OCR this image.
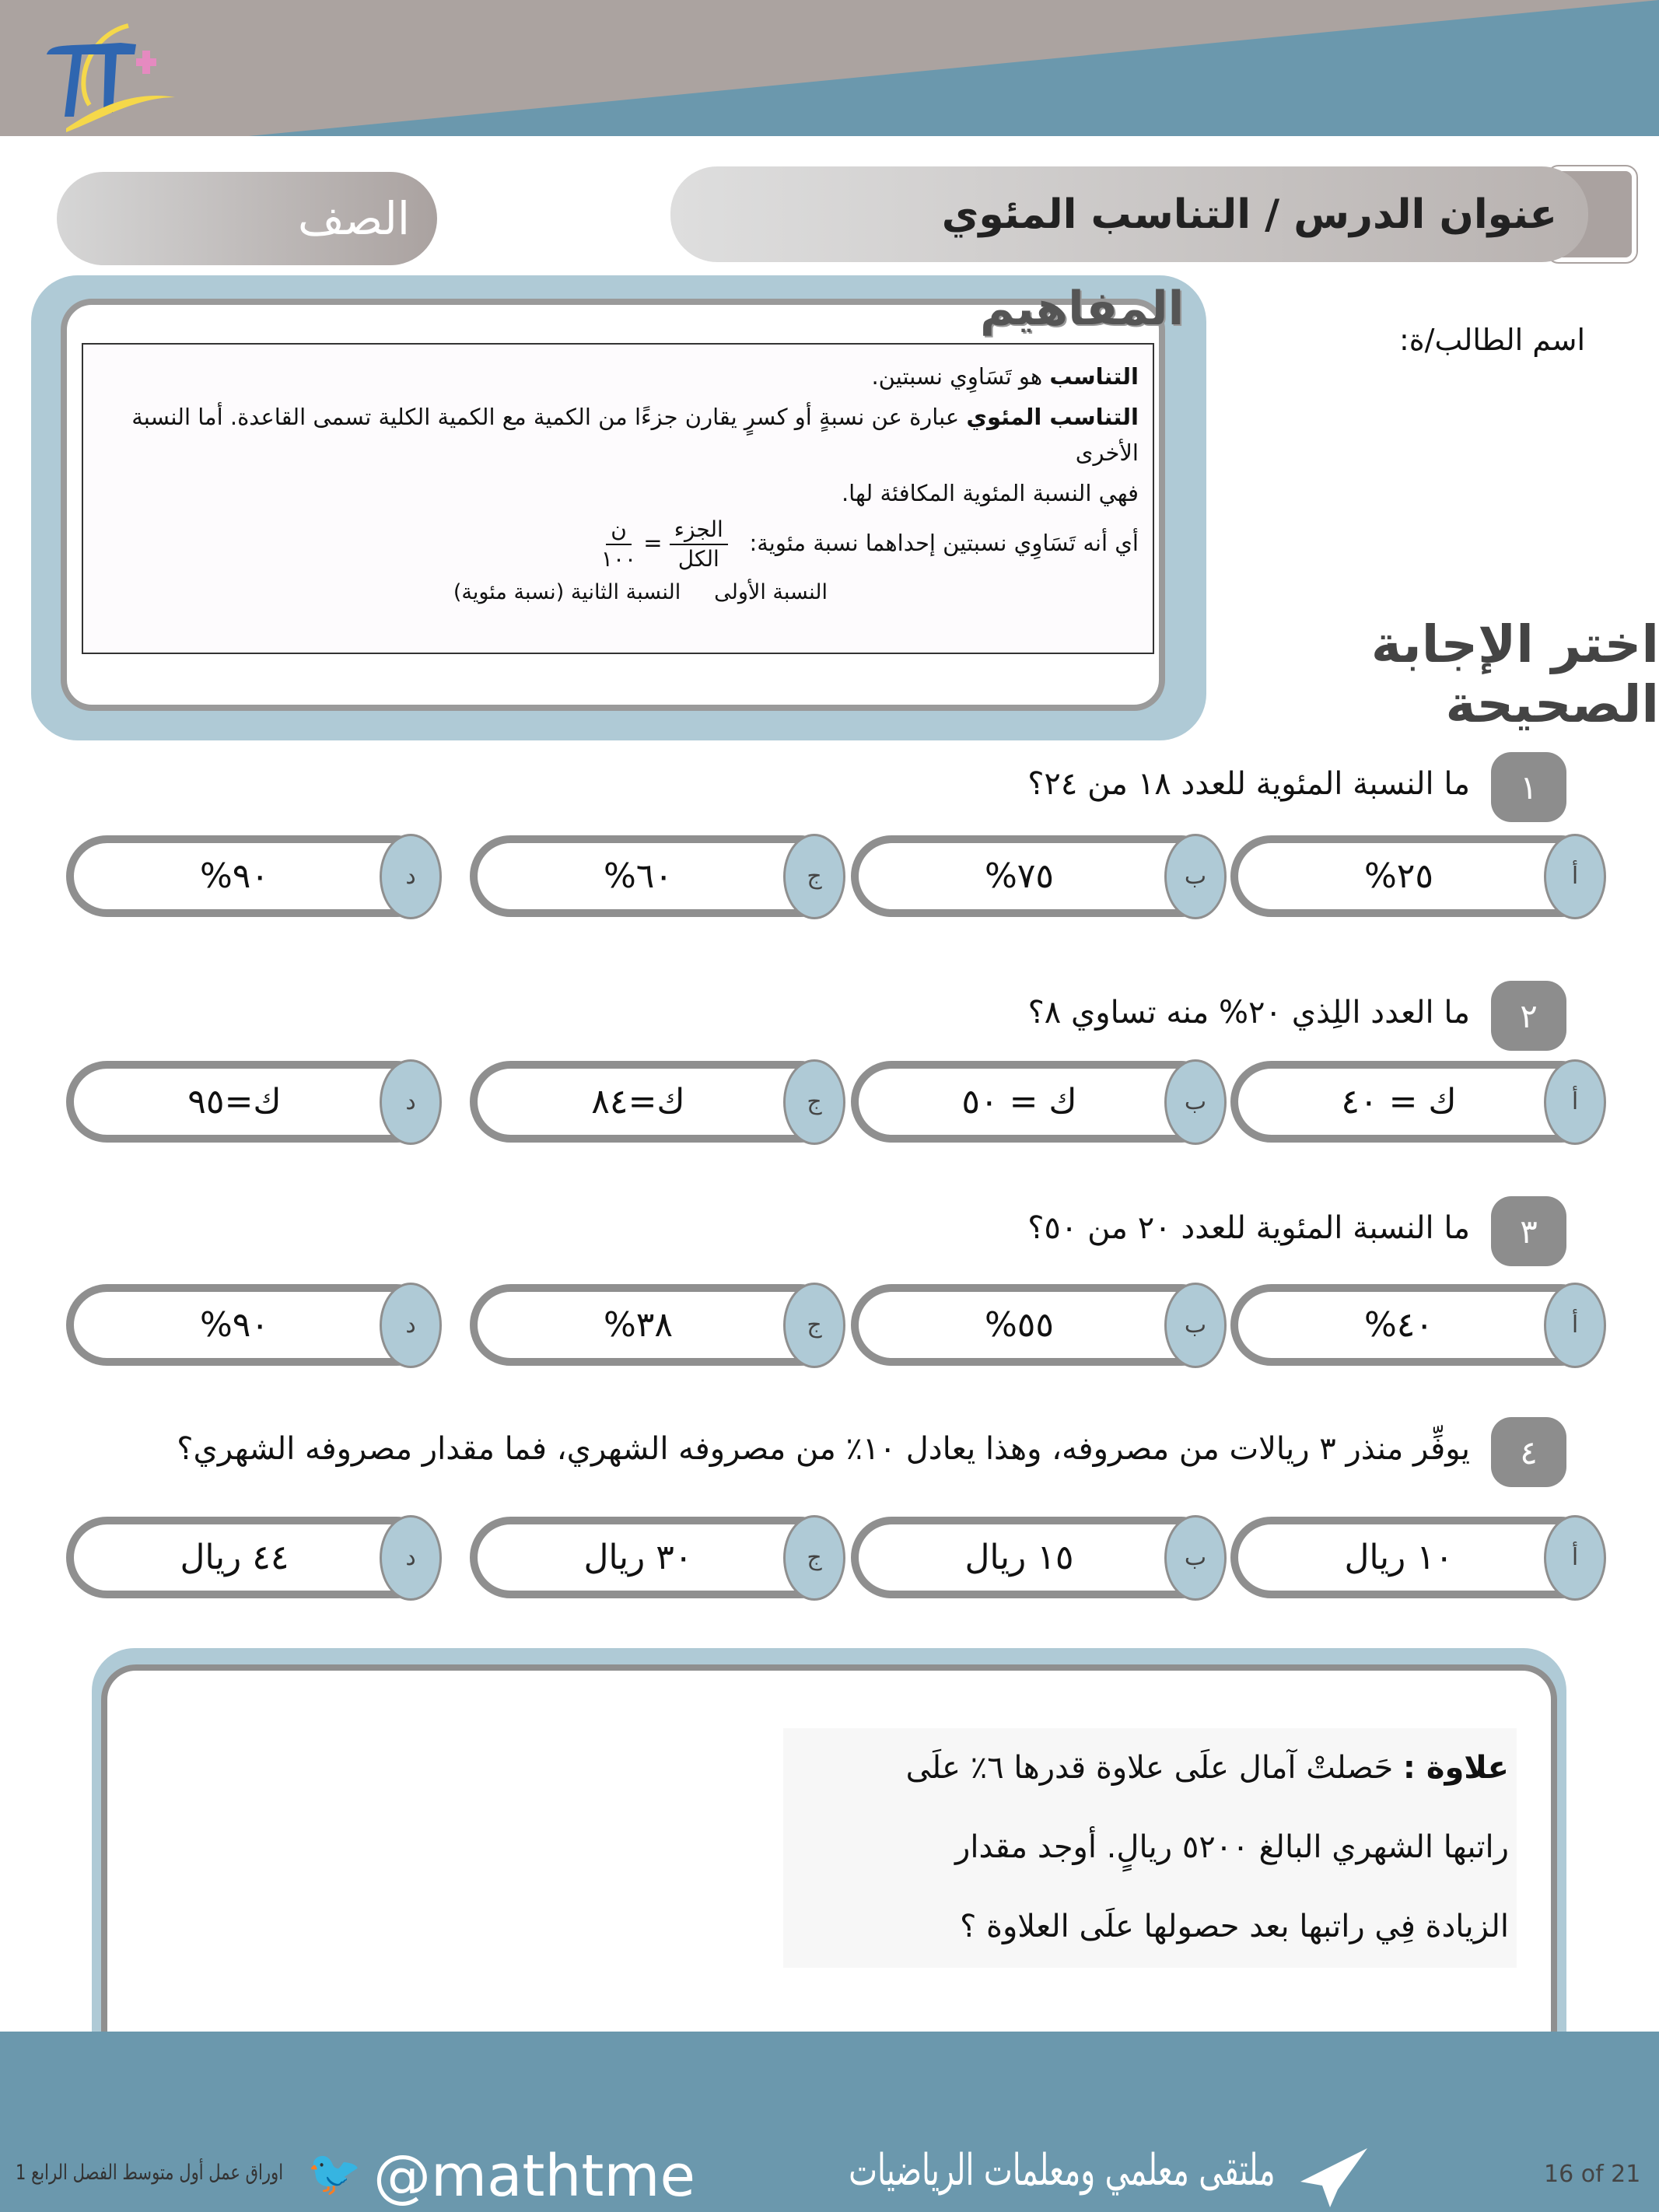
الصف	عنوان الدرس / التناسب المئوي
اسم الطالب/ة:
التناسب هو تَسَاوِي نسبتين.
التناسب المئوي عبارة عن نسبةٍ أو كسرٍ يقارن جزءًا من الكمية مع الكمية الكلية تسمى القاعدة. أما النسبة الأخرى
فهي النسبة المئوية المكافئة لها.
أي أنه تَسَاوِي نسبتين إحداهما نسبة مئوية:
$\frac{\text{الجزء}}{\text{الكل}}$
=
$\frac{\text{ن}}{١٠٠}$
النسبة الأولى     النسبة الثانية (نسبة مئوية)
المفاهيم
اختر الإجابة الصحيحة
١
ما النسبة المئوية للعدد ١٨ من ٢٤؟
٢٥%	أ
٧٥%	ب
٦٠%	ج
٩٠%	د
٢
ما العدد اللِذي ٢٠% منه تساوي ٨؟
ك = ٤٠	أ
ك = ٥٠	ب
ك=٨٤	ج
ك=٩٥	د
٣
ما النسبة المئوية للعدد ٢٠ من ٥٠؟
٤٠%	أ
٥٥%	ب
٣٨%	ج
٩٠%	د
٤
يوفِّر منذر ٣ ريالات من مصروفه، وهذا يعادل ١٠٪ من مصروفه الشهري، فما مقدار مصروفه الشهري؟
١٠ ريال	أ
١٥ ريال	ب
٣٠ ريال	ج
٤٤ ريال	د
علاوة : حَصلتْ آمال علَى علاوة قدرها ٦٪ علَى
راتبها الشهري البالغ ٥٢٠٠ ريالٍ. أوجد مقدار
الزيادة فِي راتبها بعد حصولها علَى العلاوة ؟
اوراق عمل أول متوسط الفصل الرابع 1 🐦 @mathtme	ملتقى معلمي ومعلمات الرياضيات	16 of 21
